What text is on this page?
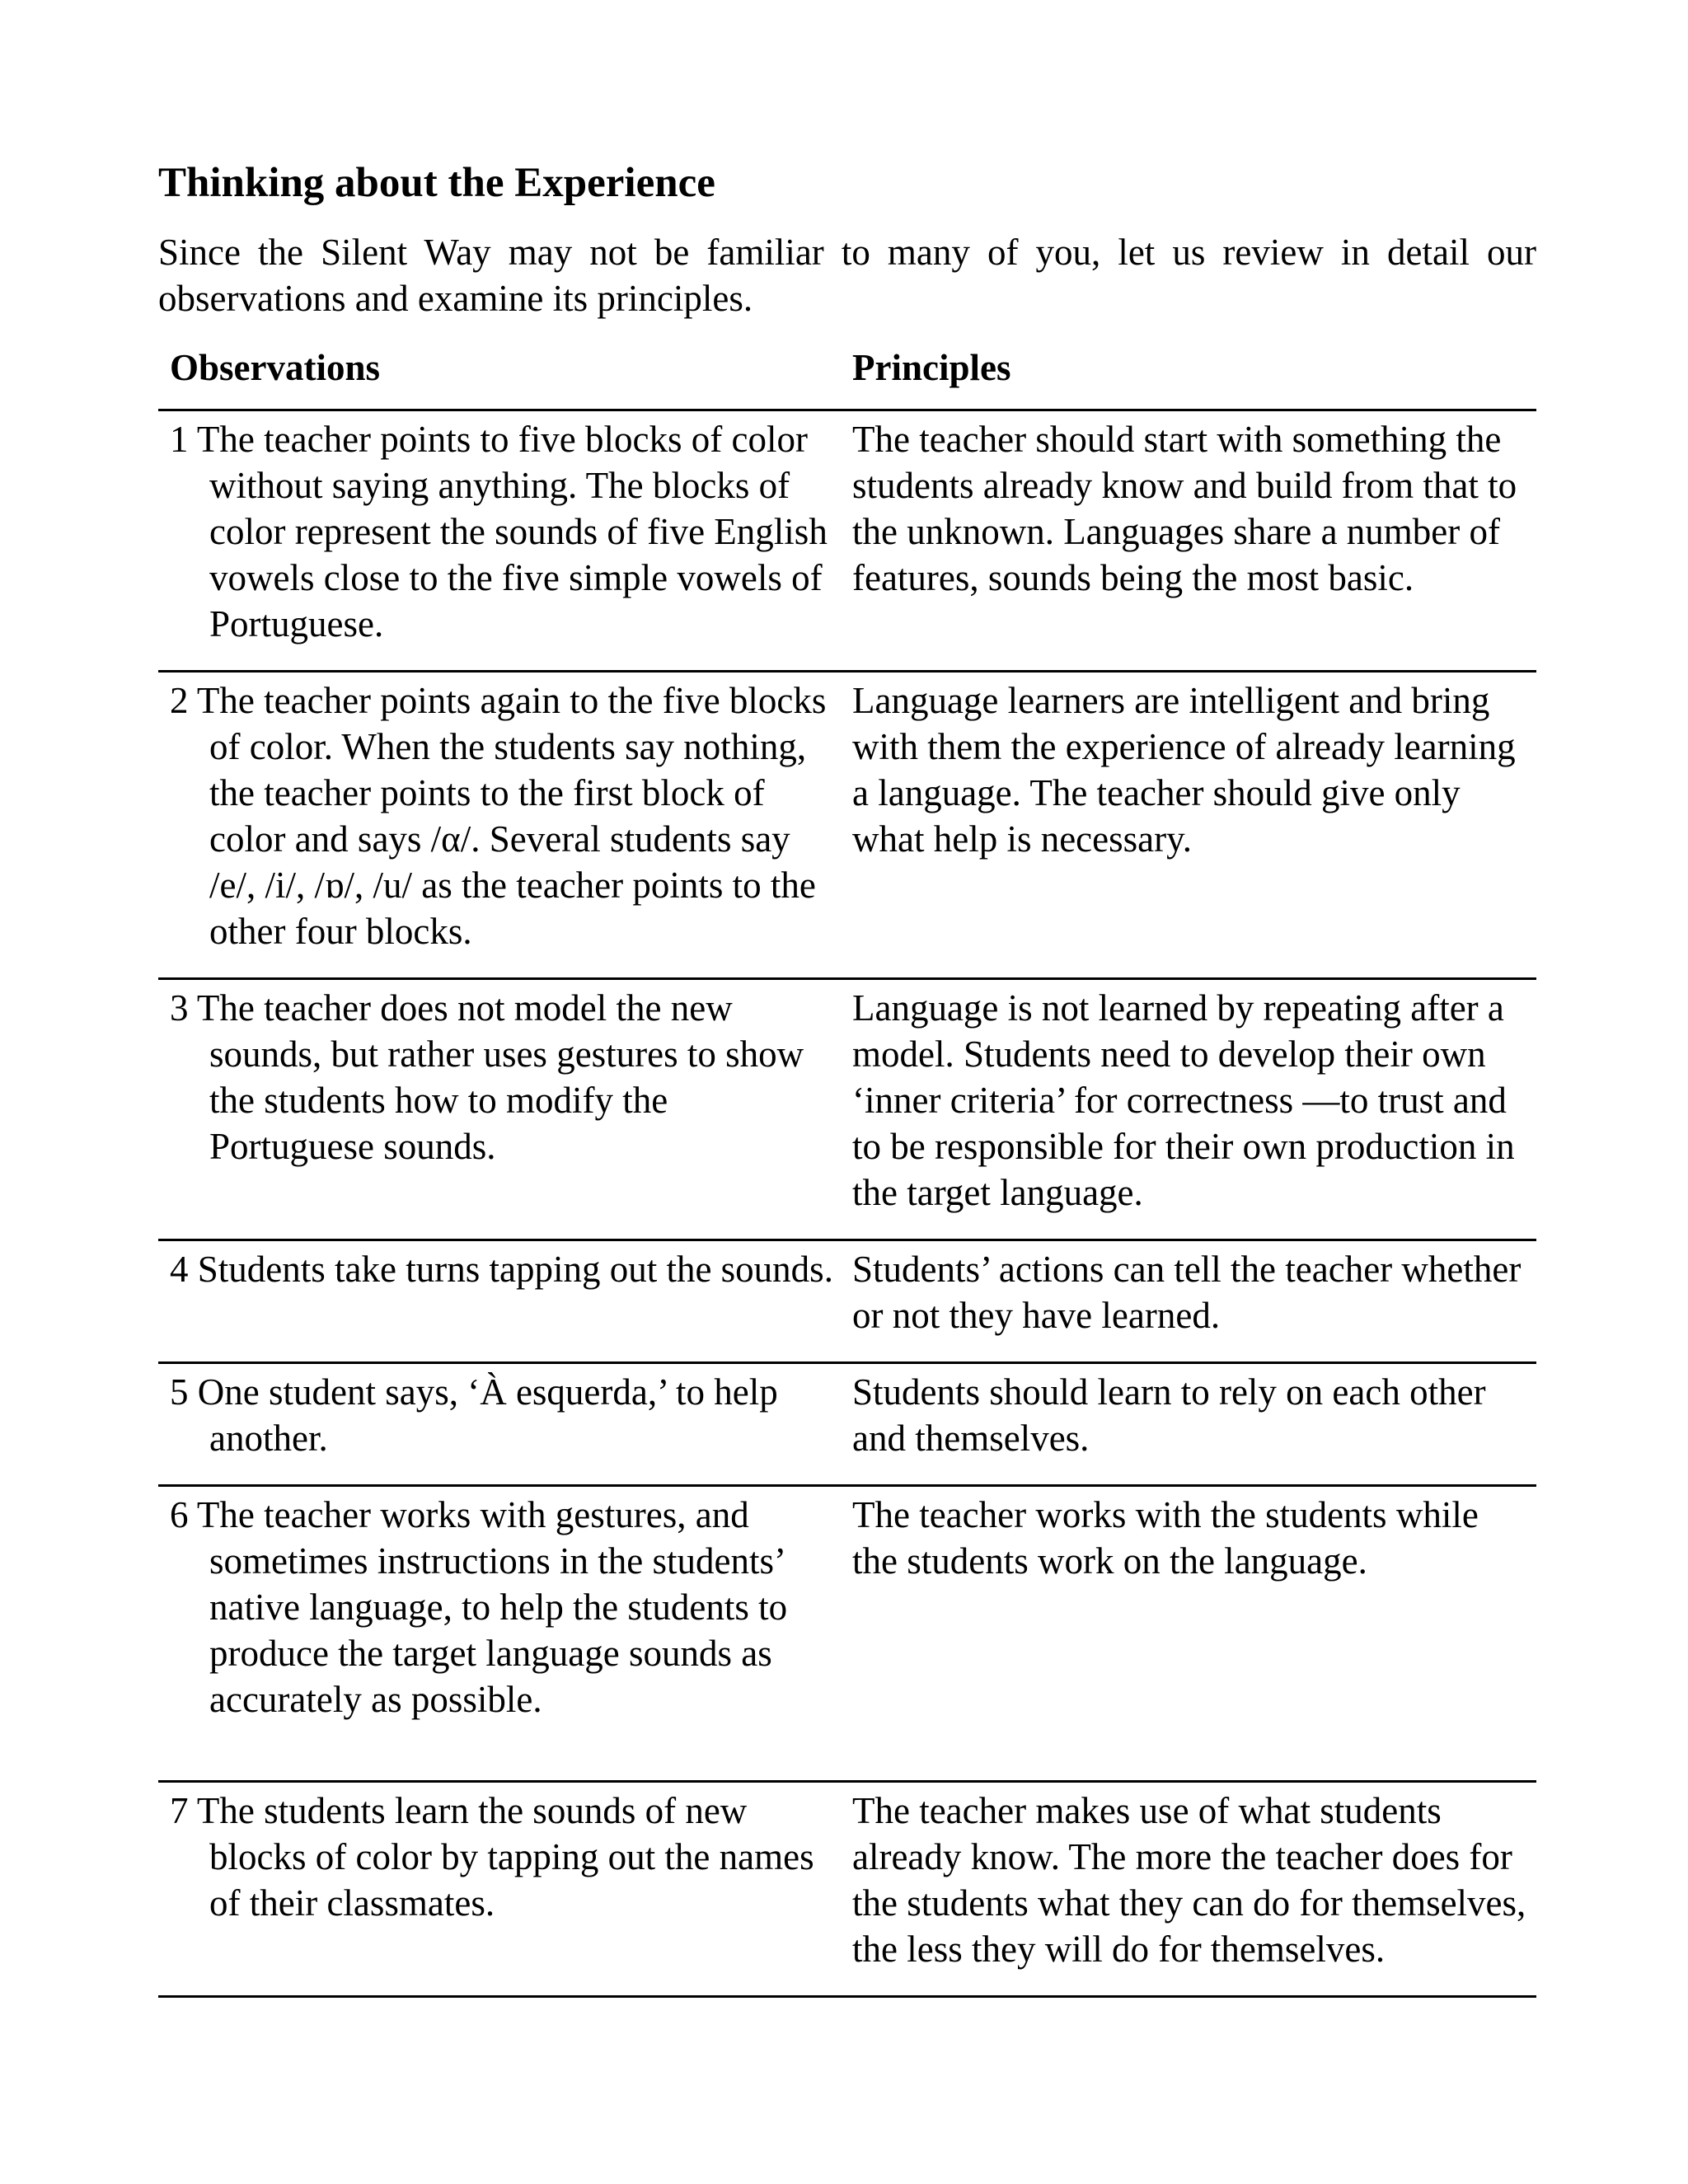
Thinking about the Experience

Since the Silent Way may not be familiar to many of you, let us review in detail our observations and examine its principles.

Observations	Principles

1 The teacher points to five blocks of color without saying anything. The blocks of color represent the sounds of five English vowels close to the five simple vowels of Portuguese.	The teacher should start with something the students already know and build from that to the unknown. Languages share a number of features, sounds being the most basic.

2 The teacher points again to the five blocks of color. When the students say nothing, the teacher points to the first block of color and says /α/. Several students say /e/, /i/, /ɒ/, /u/ as the teacher points to the other four blocks.	Language learners are intelligent and bring with them the experience of already learning a language. The teacher should give only what help is necessary.

3 The teacher does not model the new sounds, but rather uses gestures to show the students how to modify the Portuguese sounds.	Language is not learned by repeating after a model. Students need to develop their own ‘inner criteria’ for correctness —to trust and to be responsible for their own production in the target language.

4 Students take turns tapping out the sounds.	Students’ actions can tell the teacher whether or not they have learned.

5 One student says, ‘À esquerda,’ to help another.	Students should learn to rely on each other and themselves.

6 The teacher works with gestures, and sometimes instructions in the students’ native language, to help the students to produce the target language sounds as accurately as possible.	The teacher works with the students while the students work on the language.

7 The students learn the sounds of new blocks of color by tapping out the names of their classmates.	The teacher makes use of what students already know. The more the teacher does for the students what they can do for themselves, the less they will do for themselves.
